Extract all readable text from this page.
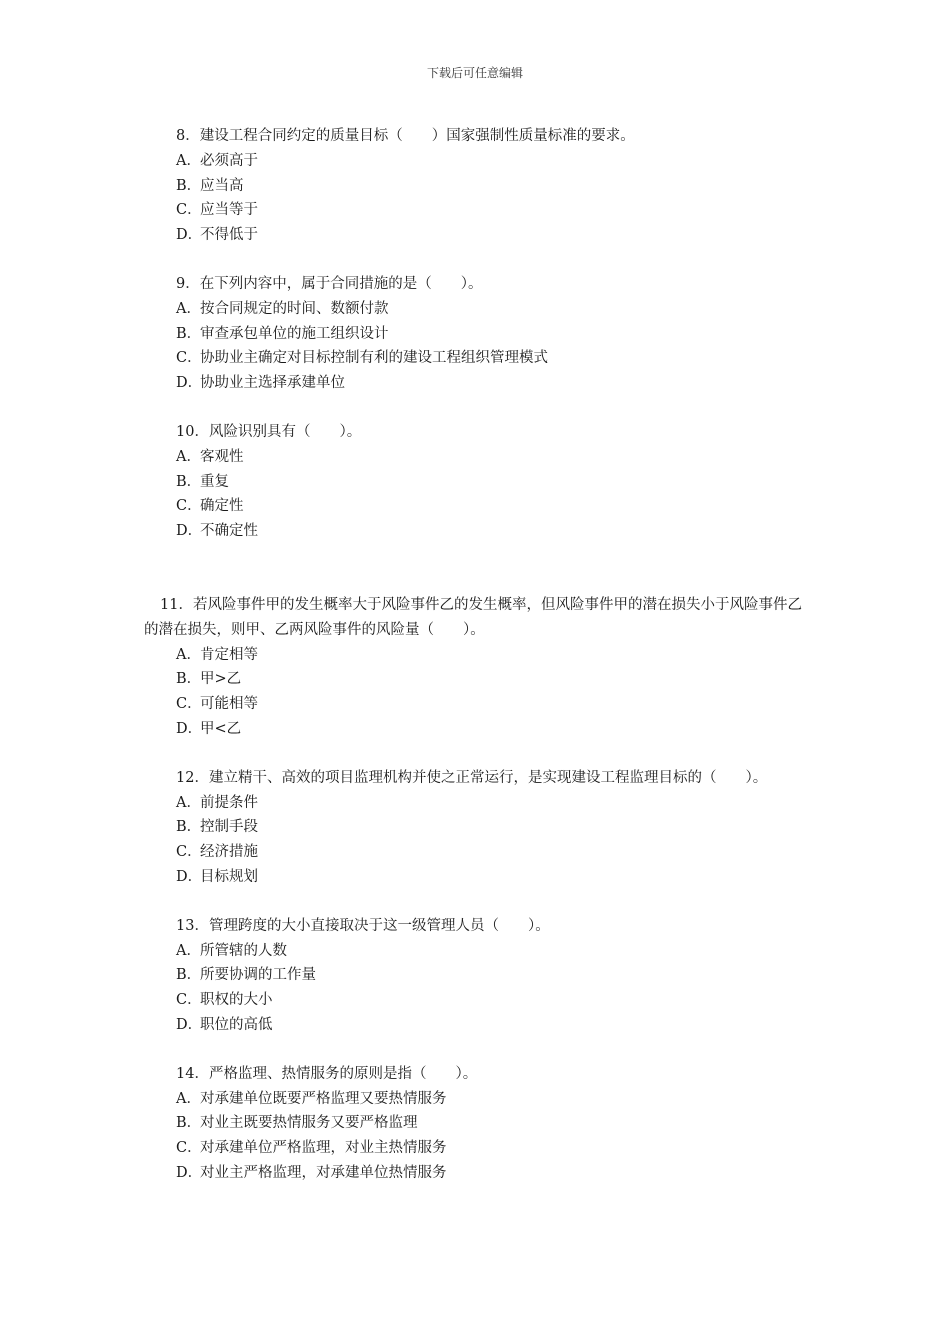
下载后可任意编辑
8．建设工程合同约定的质量目标（　　）国家强制性质量标准的要求。
A．必须高于
B．应当高
C．应当等于
D．不得低于
9．在下列内容中，属于合同措施的是（　　）。
A．按合同规定的时间、数额付款
B．审查承包单位的施工组织设计
C．协助业主确定对目标控制有利的建设工程组织管理模式
D．协助业主选择承建单位
10．风险识别具有（　　）。
A．客观性
B．重复
C．确定性
D．不确定性
11．若风险事件甲的发生概率大于风险事件乙的发生概率，但风险事件甲的潜在损失小于风险事件乙的潜在损失，则甲、乙两风险事件的风险量（　　）。
A．肯定相等
B．甲>乙
C．可能相等
D．甲<乙
12．建立精干、高效的项目监理机构并使之正常运行，是实现建设工程监理目标的（　　）。
A．前提条件
B．控制手段
C．经济措施
D．目标规划
13．管理跨度的大小直接取决于这一级管理人员（　　）。
A．所管辖的人数
B．所要协调的工作量
C．职权的大小
D．职位的高低
14．严格监理、热情服务的原则是指（　　）。
A．对承建单位既要严格监理又要热情服务
B．对业主既要热情服务又要严格监理
C．对承建单位严格监理，对业主热情服务
D．对业主严格监理，对承建单位热情服务
